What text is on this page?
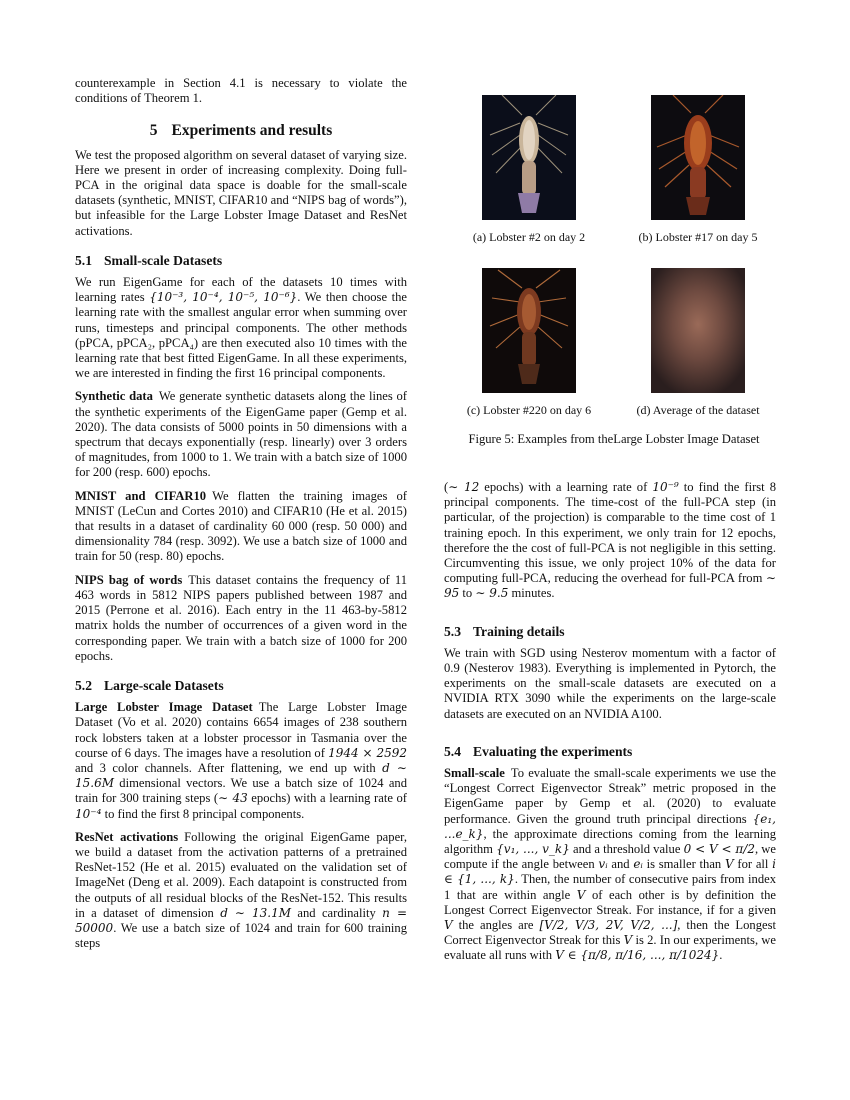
counterexample in Section 4.1 is necessary to violate the conditions of Theorem 1.

5 Experiments and results

We test the proposed algorithm on several dataset of varying size. Here we present in order of increasing complexity. Doing full-PCA in the original data space is doable for the small-scale datasets (synthetic, MNIST, CIFAR10 and “NIPS bag of words”), but infeasible for the Large Lobster Image Dataset and ResNet activations.

5.1 Small-scale Datasets

We run EigenGame for each of the datasets 10 times with learning rates {10⁻³, 10⁻⁴, 10⁻⁵, 10⁻⁶}. We then choose the learning rate with the smallest angular error when summing over runs, timesteps and principal components. The other methods (pPCA, pPCA₂, pPCA₄) are then executed also 10 times with the learning rate that best fitted EigenGame. In all these experiments, we are interested in finding the first 16 principal components.

Synthetic data We generate synthetic datasets along the lines of the synthetic experiments of the EigenGame paper (Gemp et al. 2020). The data consists of 5000 points in 50 dimensions with a spectrum that decays exponentially (resp. linearly) over 3 orders of magnitudes, from 1000 to 1. We train with a batch size of 1000 for 200 (resp. 600) epochs.

MNIST and CIFAR10 We flatten the training images of MNIST (LeCun and Cortes 2010) and CIFAR10 (He et al. 2015) that results in a dataset of cardinality 60 000 (resp. 50 000) and dimensionality 784 (resp. 3092). We use a batch size of 1000 and train for 50 (resp. 80) epochs.

NIPS bag of words This dataset contains the frequency of 11 463 words in 5812 NIPS papers published between 1987 and 2015 (Perrone et al. 2016). Each entry in the 11 463-by-5812 matrix holds the number of occurrences of a given word in the corresponding paper. We train with a batch size of 1000 for 200 epochs.

5.2 Large-scale Datasets

Large Lobster Image Dataset The Large Lobster Image Dataset (Vo et al. 2020) contains 6654 images of 238 southern rock lobsters taken at a lobster processor in Tasmania over the course of 6 days. The images have a resolution of 1944 × 2592 and 3 color channels. After flattening, we end up with d ∼ 15.6M dimensional vectors. We use a batch size of 1024 and train for 300 training steps (∼ 43 epochs) with a learning rate of 10⁻⁴ to find the first 8 principal components.

ResNet activations Following the original EigenGame paper, we build a dataset from the activation patterns of a pretrained ResNet-152 (He et al. 2015) evaluated on the validation set of ImageNet (Deng et al. 2009). Each datapoint is constructed from the outputs of all residual blocks of the ResNet-152. This results in a dataset of dimension d ∼ 13.1M and cardinality n = 50000. We use a batch size of 1024 and train for 600 training steps

(a) Lobster #2 on day 2	(b) Lobster #17 on day 5
(c) Lobster #220 on day 6	(d) Average of the dataset
Figure 5: Examples from theLarge Lobster Image Dataset

(∼ 12 epochs) with a learning rate of 10⁻⁹ to find the first 8 principal components. The time-cost of the full-PCA step (in particular, of the projection) is comparable to the time cost of 1 training epoch. In this experiment, we only train for 12 epochs, therefore the the cost of full-PCA is not negligible in this setting. Circumventing this issue, we only project 10% of the data for computing full-PCA, reducing the overhead for full-PCA from ∼ 95 to ∼ 9.5 minutes.

5.3 Training details

We train with SGD using Nesterov momentum with a factor of 0.9 (Nesterov 1983). Everything is implemented in Pytorch, the experiments on the small-scale datasets are executed on a NVIDIA RTX 3090 while the experiments on the large-scale datasets are executed on an NVIDIA A100.

5.4 Evaluating the experiments

Small-scale To evaluate the small-scale experiments we use the “Longest Correct Eigenvector Streak” metric proposed in the EigenGame paper by Gemp et al. (2020) to evaluate performance. Given the ground truth principal directions {e₁, ...e_k}, the approximate directions coming from the learning algorithm {v₁, ..., v_k} and a threshold value 0 < V < π/2, we compute if the angle between vᵢ and eᵢ is smaller than V for all i ∈ {1, ..., k}. Then, the number of consecutive pairs from index 1 that are within angle V of each other is by definition the Longest Correct Eigenvector Streak. For instance, if for a given V the angles are [V/2, V/3, 2V, V/2, ...], then the Longest Correct Eigenvector Streak for this V is 2. In our experiments, we evaluate all runs with V ∈ {π/8, π/16, ..., π/1024}.
